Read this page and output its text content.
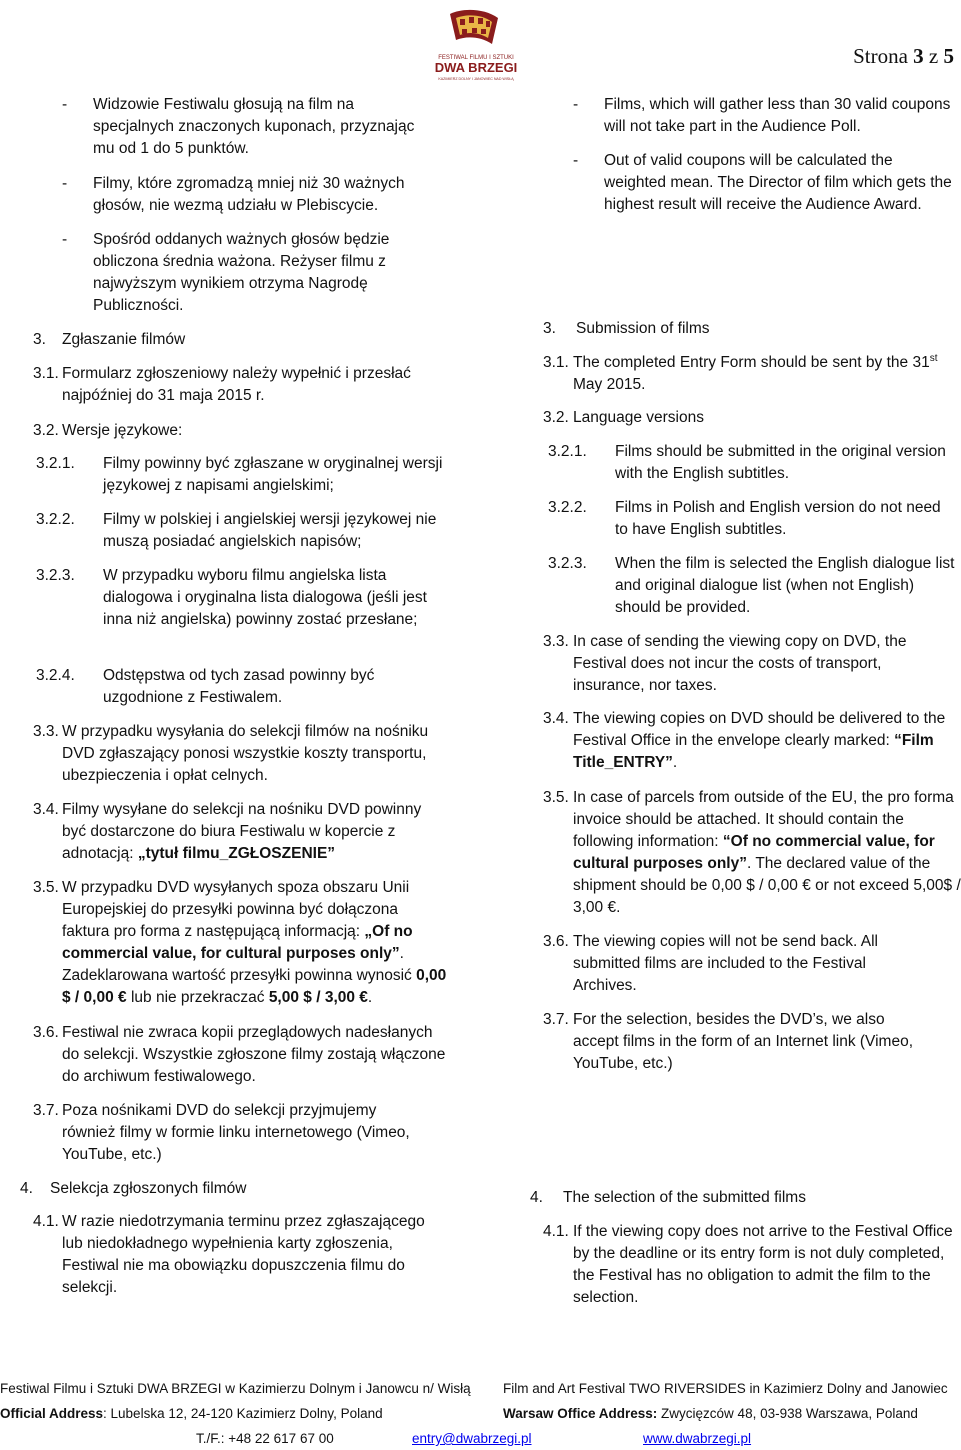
FESTIWAL FILMU I SZTUKI
DWA BRZEGI
KAZIMIERZ DOLNY I JANOWIEC NAD WISŁĄ
Strona 3 z 5
- Widzowie Festiwalu głosują na film na specjalnych znaczonych kuponach, przyznając mu od 1 do 5 punktów.
- Filmy, które zgromadzą mniej niż 30 ważnych głosów, nie wezmą udziału w Plebiscycie.
- Spośród oddanych ważnych głosów będzie obliczona średnia ważona. Reżyser filmu z najwyższym wynikiem otrzyma Nagrodę Publiczności.
3. Zgłaszanie filmów
3.1. Formularz zgłoszeniowy należy wypełnić i przesłać najpóźniej do 31 maja 2015 r.
3.2. Wersje językowe:
3.2.1. Filmy powinny być zgłaszane w oryginalnej wersji językowej z napisami angielskimi;
3.2.2. Filmy w polskiej i angielskiej wersji językowej nie muszą posiadać angielskich napisów;
3.2.3. W przypadku wyboru filmu angielska lista dialogowa i oryginalna lista dialogowa (jeśli jest inna niż angielska) powinny zostać przesłane;
3.2.4. Odstępstwa od tych zasad powinny być uzgodnione z Festiwalem.
3.3. W przypadku wysyłania do selekcji filmów na nośniku DVD zgłaszający ponosi wszystkie koszty transportu, ubezpieczenia i opłat celnych.
3.4. Filmy wysyłane do selekcji na nośniku DVD powinny być dostarczone do biura Festiwalu w kopercie z adnotacją: „tytuł filmu_ZGŁOSZENIE”
3.5. W przypadku DVD wysyłanych spoza obszaru Unii Europejskiej do przesyłki powinna być dołączona faktura pro forma z następującą informacją: „Of no commercial value, for cultural purposes only”. Zadeklarowana wartość przesyłki powinna wynosić 0,00 $ / 0,00 € lub nie przekraczać 5,00 $ / 3,00 €.
3.6. Festiwal nie zwraca kopii przeglądowych nadesłanych do selekcji. Wszystkie zgłoszone filmy zostają włączone do archiwum festiwalowego.
3.7. Poza nośnikami DVD do selekcji przyjmujemy również filmy w formie linku internetowego (Vimeo, YouTube, etc.)
4. Selekcja zgłoszonych filmów
4.1. W razie niedotrzymania terminu przez zgłaszającego lub niedokładnego wypełnienia karty zgłoszenia, Festiwal nie ma obowiązku dopuszczenia filmu do selekcji.
- Films, which will gather less than 30 valid coupons will not take part in the Audience Poll.
- Out of valid coupons will be calculated the weighted mean. The Director of film which gets the highest result will receive the Audience Award.
3. Submission of films
3.1. The completed Entry Form should be sent by the 31st May 2015.
3.2. Language versions
3.2.1. Films should be submitted in the original version with the English subtitles.
3.2.2. Films in Polish and English version do not need to have English subtitles.
3.2.3. When the film is selected the English dialogue list and original dialogue list (when not English) should be provided.
3.3. In case of sending the viewing copy on DVD, the Festival does not incur the costs of transport, insurance, nor taxes.
3.4. The viewing copies on DVD should be delivered to the Festival Office in the envelope clearly marked: “Film Title_ENTRY”.
3.5. In case of parcels from outside of the EU, the pro forma invoice should be attached. It should contain the following information: “Of no commercial value, for cultural purposes only”. The declared value of the shipment should be 0,00 $ / 0,00 € or not exceed 5,00$ / 3,00 €.
3.6. The viewing copies will not be send back. All submitted films are included to the Festival Archives.
3.7. For the selection, besides the DVD’s, we also accept films in the form of an Internet link (Vimeo, YouTube, etc.)
4. The selection of the submitted films
4.1. If the viewing copy does not arrive to the Festival Office by the deadline or its entry form is not duly completed, the Festival has no obligation to admit the film to the selection.
Festiwal Filmu i Sztuki DWA BRZEGI w Kazimierzu Dolnym i Janowcu n/ Wisłą Film and Art Festival TWO RIVERSIDES in Kazimierz Dolny and Janowiec
Official Address: Lubelska 12, 24-120 Kazimierz Dolny, Poland	Warsaw Office Address: Zwycięzców 48, 03-938 Warszawa, Poland
T./F.: +48 22 617 67 00	entry@dwabrzegi.pl	www.dwabrzegi.pl
